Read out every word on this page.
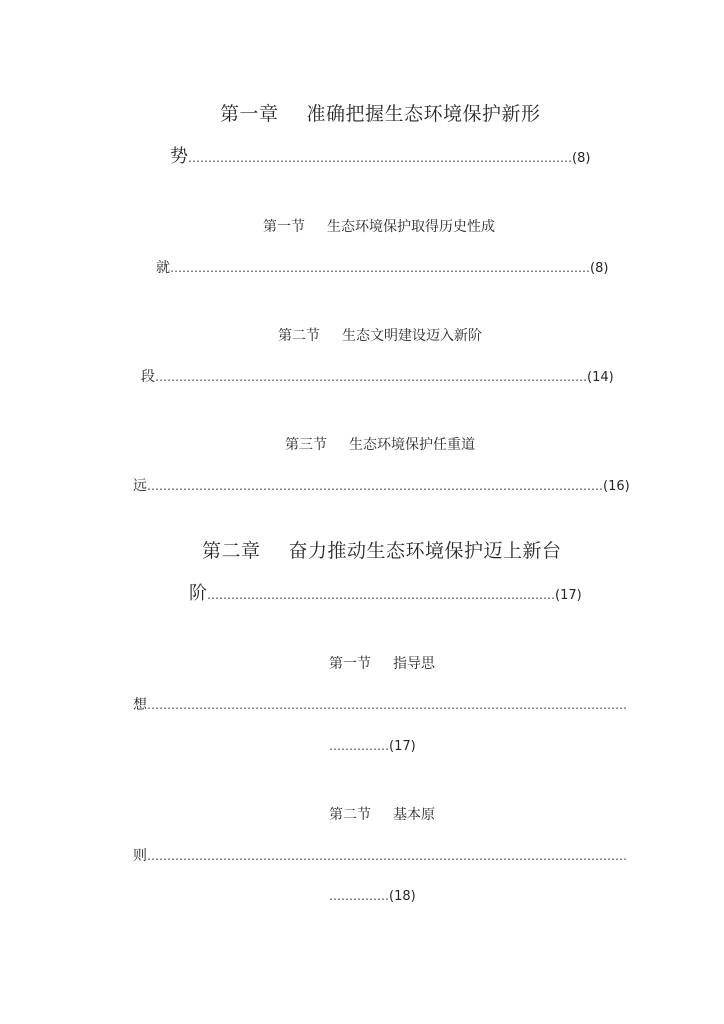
第一章 准确把握生态环境保护新形
势……………………………………………………………………………………(8)
第一节 生态环境保护取得历史性成
就……………………………………………………………………………………………(8)
第二节 生态文明建设迈入新阶
段………………………………………………………………………………………………(14)
第三节 生态环境保护任重道
远……………………………………………………………………………………………………(16)
第二章 奋力推动生态环境保护迈上新台
阶……………………………………………………………………………(17)
第一节 指导思
想…………………………………………………………………………………………………………
……………(17)
第二节 基本原
则…………………………………………………………………………………………………………
……………(18)
